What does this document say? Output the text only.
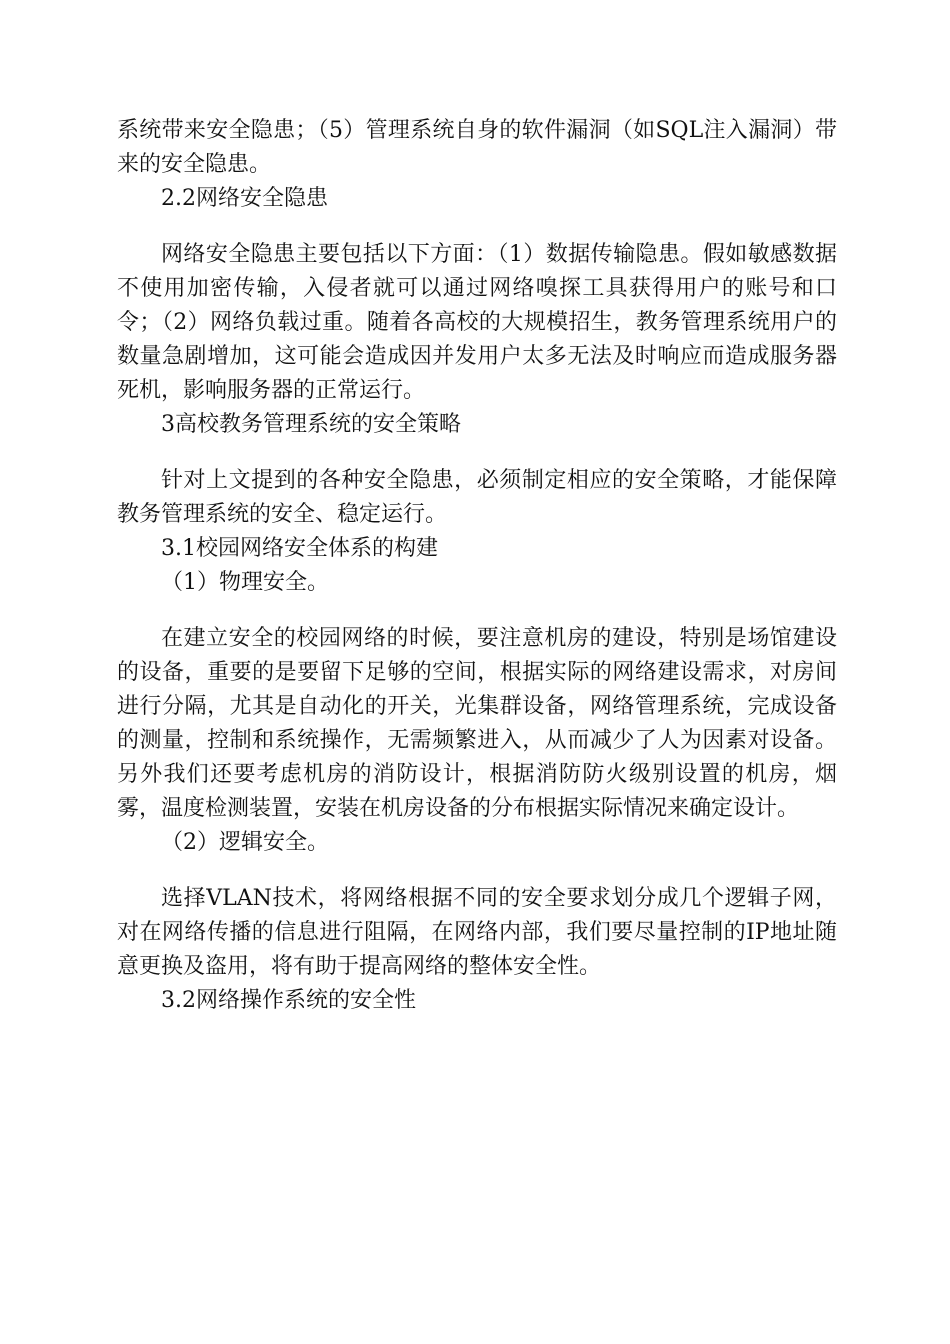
系统带来安全隐患；（5）管理系统自身的软件漏洞（如SQL注入漏洞）带来的安全隐患。

2.2网络安全隐患

网络安全隐患主要包括以下方面：（1）数据传输隐患。假如敏感数据不使用加密传输，入侵者就可以通过网络嗅探工具获得用户的账号和口令；（2）网络负载过重。随着各高校的大规模招生，教务管理系统用户的数量急剧增加，这可能会造成因并发用户太多无法及时响应而造成服务器死机，影响服务器的正常运行。

3高校教务管理系统的安全策略

针对上文提到的各种安全隐患，必须制定相应的安全策略，才能保障教务管理系统的安全、稳定运行。

3.1校园网络安全体系的构建

（1）物理安全。

在建立安全的校园网络的时候，要注意机房的建设，特别是场馆建设的设备，重要的是要留下足够的空间，根据实际的网络建设需求，对房间进行分隔，尤其是自动化的开关，光集群设备，网络管理系统，完成设备的测量，控制和系统操作，无需频繁进入，从而减少了人为因素对设备。另外我们还要考虑机房的消防设计，根据消防防火级别设置的机房，烟雾，温度检测装置，安装在机房设备的分布根据实际情况来确定设计。

（2）逻辑安全。

选择VLAN技术，将网络根据不同的安全要求划分成几个逻辑子网，对在网络传播的信息进行阻隔，在网络内部，我们要尽量控制的IP地址随意更换及盗用，将有助于提高网络的整体安全性。

3.2网络操作系统的安全性
